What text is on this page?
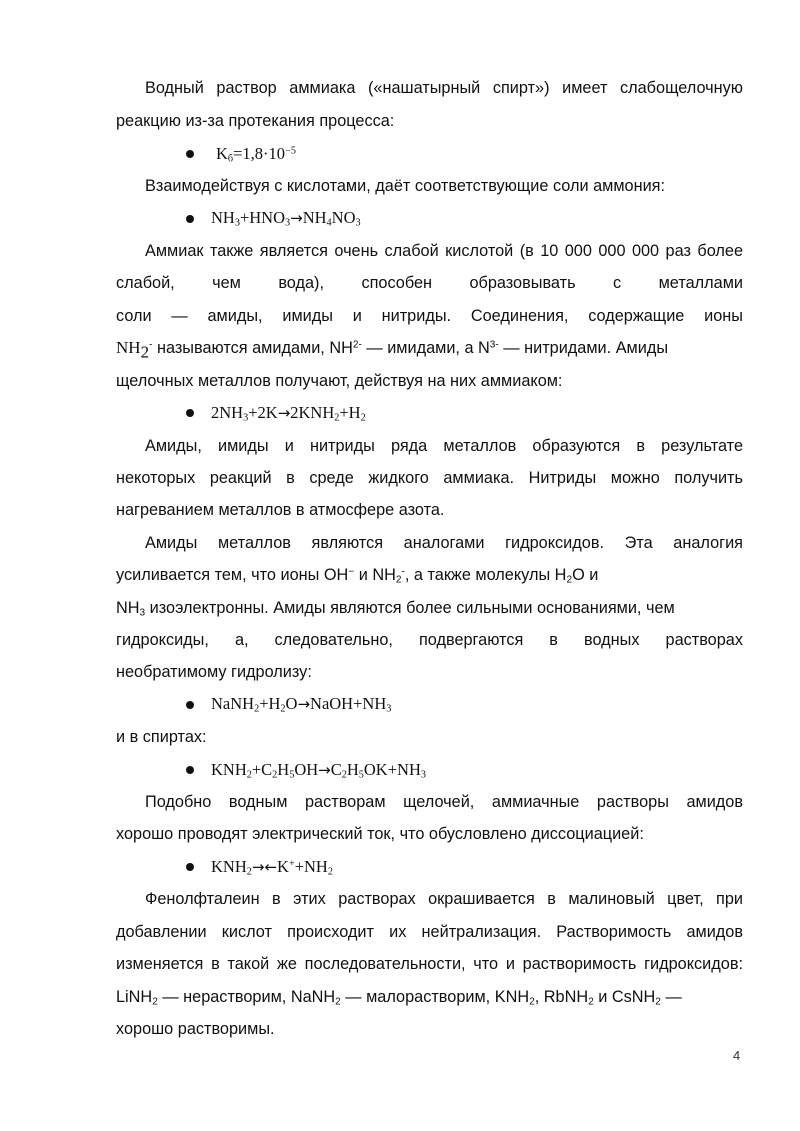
Водный раствор аммиака («нашатырный спирт») имеет слабощелочную
реакцию из-за протекания процесса:
$K_б=1,8\cdot 10^{-5}$
Взаимодействуя с кислотами, даёт соответствующие соли аммония:
$NH_3+HNO_3\to NH_4NO_3$
Аммиак также является очень слабой кислотой (в 10 000 000 000 раз более
слабой, чем вода), способен образовывать с металлами
соли — амиды, имиды и нитриды. Соединения, содержащие ионы
$NH_2^-$ называются амидами, $NH^{2-}$ — имидами, а $N^{3-}$ — нитридами. Амиды
щелочных металлов получают, действуя на них аммиаком:
$2NH_3+2K\to 2KNH_2+H_2$
Амиды, имиды и нитриды ряда металлов образуются в результате
некоторых реакций в среде жидкого аммиака. Нитриды можно получить
нагреванием металлов в атмосфере азота.
Амиды металлов являются аналогами гидроксидов. Эта аналогия
усиливается тем, что ионы OH− и $NH_2^-$, а также молекулы $H_2O$ и
$NH_3$ изоэлектронны. Амиды являются более сильными основаниями, чем
гидроксиды, а, следовательно, подвергаются в водных растворах
необратимому гидролизу:
$NaNH_2+H_2O\to NaOH+NH_3$
и в спиртах:
$KNH_2+C_2H_5OH\to C_2H_5OK+NH_3$
Подобно водным растворам щелочей, аммиачные растворы амидов
хорошо проводят электрический ток, что обусловлено диссоциацией:
$KNH_2\to\leftarrow K^++NH_2$
Фенолфталеин в этих растворах окрашивается в малиновый цвет, при
добавлении кислот происходит их нейтрализация. Растворимость амидов
изменяется в такой же последовательности, что и растворимость гидроксидов:
LiNH$_2$ — нерастворим, NaNH$_2$ — малорастворим, $KNH_2$, RbNH$_2$ и CsNH$_2$ —
хорошо растворимы.
4
